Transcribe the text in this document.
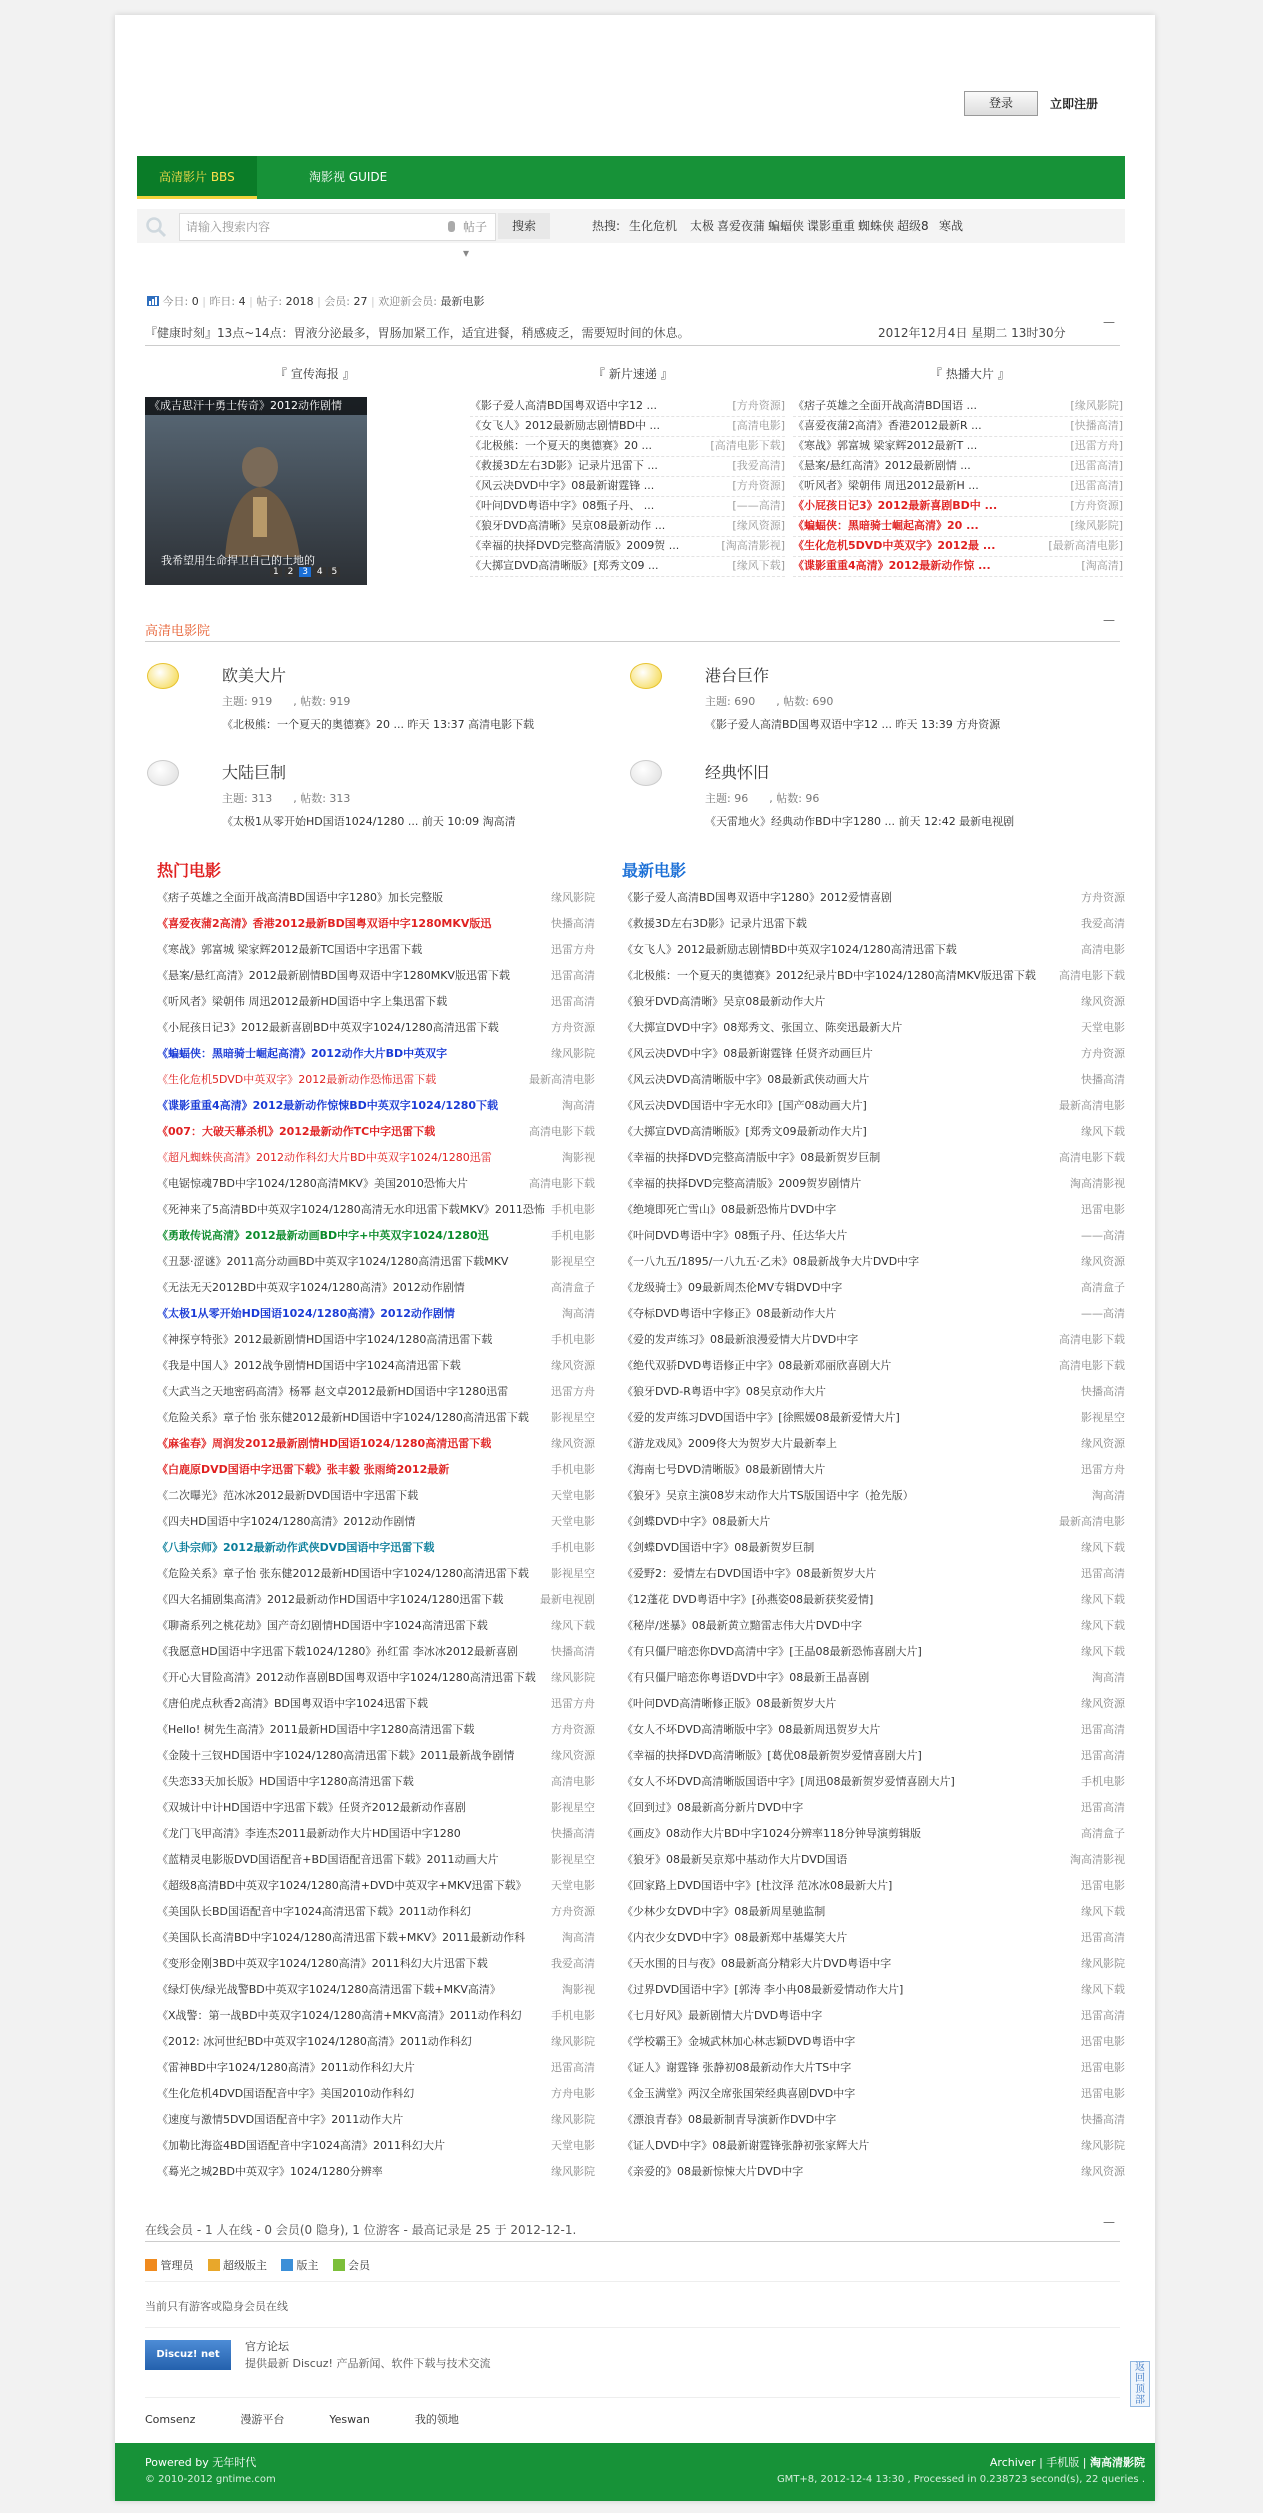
登录	立即注册
高清影片 BBS	淘影视 GUIDE
请输入搜索内容	帖子 ▾
搜索	热搜: 生化危机 太极 喜爱夜蒲 蝙蝠侠 谍影重重 蜘蛛侠 超级8 寒战
今日: 0 | 昨日: 4 | 帖子: 2018 | 会员: 27 | 欢迎新会员: 最新电影
『健康时刻』13点~14点：胃液分泌最多，胃肠加紧工作，适宜进餐，稍感疲乏，需要短时间的休息。	2012年12月4日 星期二 13时30分
—
『 宣传海报 』	『 新片速递 』	『 热播大片 』
《成吉思汗十勇士传奇》2012动作剧情
我希望用生命捍卫自己的土地的
1 2 3 4 5
《影子爱人高清BD国粤双语中字12 ...	[方舟资源]
《女飞人》2012最新励志剧情BD中 ...	[高清电影]
《北极熊：一个夏天的奥德赛》20 ...	[高清电影下载]
《救援3D左右3D影》记录片迅雷下 ...	[我爱高清]
《风云决DVD中字》08最新谢霆锋 ...	[方舟资源]
《叶问DVD粤语中字》08甄子丹、 ...	[——高清]
《狼牙DVD高清晰》吴京08最新动作 ...	[缘风资源]
《幸福的抉择DVD完整高清版》2009贺 ...	[淘高清影视]
《大掷宣DVD高清晰版》[郑秀文09 ...	[缘风下载]
《痞子英雄之全面开战高清BD国语 ...	[缘风影院]
《喜爱夜蒲2高清》香港2012最新R ...	[快播高清]
《寒战》郭富城 梁家辉2012最新T ...	[迅雷方舟]
《悬案/悬红高清》2012最新剧情 ...	[迅雷高清]
《听风者》梁朝伟 周迅2012最新H ...	[迅雷高清]
《小屁孩日记3》2012最新喜剧BD中 ...	[方舟资源]
《蝙蝠侠：黑暗骑士崛起高清》20 ...	[缘风影院]
《生化危机5DVD中英双字》2012最 ...	[最新高清电影]
《谍影重重4高清》2012最新动作惊 ...	[淘高清]
高清电影院
—
欧美大片
主题: 919      , 帖数: 919
《北极熊：一个夏天的奥德赛》20 ... 昨天 13:37 高清电影下载
港台巨作
主题: 690      , 帖数: 690
《影子爱人高清BD国粤双语中字12 ... 昨天 13:39 方舟资源
大陆巨制
主题: 313      , 帖数: 313
《太极1从零开始HD国语1024/1280 ... 前天 10:09 淘高清
经典怀旧
主题: 96      , 帖数: 96
《天雷地火》经典动作BD中字1280 ... 前天 12:42 最新电视剧
热门电影	最新电影
《痞子英雄之全面开战高清BD国语中字1280》加长完整版	缘风影院
《喜爱夜蒲2高清》香港2012最新BD国粤双语中字1280MKV版迅	快播高清
《寒战》郭富城 梁家辉2012最新TC国语中字迅雷下载	迅雷方舟
《悬案/悬红高清》2012最新剧情BD国粤双语中字1280MKV版迅雷下载	迅雷高清
《听风者》梁朝伟 周迅2012最新HD国语中字上集迅雷下载	迅雷高清
《小屁孩日记3》2012最新喜剧BD中英双字1024/1280高清迅雷下载	方舟资源
《蝙蝠侠：黑暗骑士崛起高清》2012动作大片BD中英双字	缘风影院
《生化危机5DVD中英双字》2012最新动作恐怖迅雷下载	最新高清电影
《谍影重重4高清》2012最新动作惊悚BD中英双字1024/1280下载	淘高清
《007：大破天幕杀机》2012最新动作TC中字迅雷下载	高清电影下载
《超凡蜘蛛侠高清》2012动作科幻大片BD中英双字1024/1280迅雷	淘影视
《电锯惊魂7BD中字1024/1280高清MKV》美国2010恐怖大片	高清电影下载
《死神来了5高清BD中英双字1024/1280高清无水印迅雷下载MKV》2011恐怖 手机电影
《勇敢传说高清》2012最新动画BD中字+中英双字1024/1280迅	手机电影
《丑瑟·涩谜》2011高分动画BD中英双字1024/1280高清迅雷下载MKV	影视星空
《无法无天2012BD中英双字1024/1280高清》2012动作剧情	高清盒子
《太极1从零开始HD国语1024/1280高清》2012动作剧情	淘高清
《神探亨特张》2012最新剧情HD国语中字1024/1280高清迅雷下载	手机电影
《我是中国人》2012战争剧情HD国语中字1024高清迅雷下载	缘风资源
《大武当之天地密码高清》杨幂 赵文卓2012最新HD国语中字1280迅雷	迅雷方舟
《危险关系》章子怡 张东健2012最新HD国语中字1024/1280高清迅雷下载 影视星空
《麻雀春》周润发2012最新剧情HD国语1024/1280高清迅雷下载	缘风资源
《白鹿原DVD国语中字迅雷下载》张丰毅 张雨绮2012最新	手机电影
《二次曝光》范冰冰2012最新DVD国语中字迅雷下载	天堂电影
《四夫HD国语中字1024/1280高清》2012动作剧情	天堂电影
《八卦宗师》2012最新动作武侠DVD国语中字迅雷下载	手机电影
《危险关系》章子怡 张东健2012最新HD国语中字1024/1280高清迅雷下载 影视星空
《四大名捕剧集高清》2012最新动作HD国语中字1024/1280迅雷下载	最新电视剧
《聊斋系列之桃花劫》国产奇幻剧情HD国语中字1024高清迅雷下载	缘风下载
《我愿意HD国语中字迅雷下载1024/1280》孙红雷 李冰冰2012最新喜剧	快播高清
《开心大冒险高清》2012动作喜剧BD国粤双语中字1024/1280高清迅雷下载 缘风影院
《唐伯虎点秋香2高清》BD国粤双语中字1024迅雷下载	迅雷方舟
《Hello! 树先生高清》2011最新HD国语中字1280高清迅雷下载	方舟资源
《金陵十三钗HD国语中字1024/1280高清迅雷下载》2011最新战争剧情	缘风资源
《失恋33天加长版》HD国语中字1280高清迅雷下载	高清电影
《双城计中计HD国语中字迅雷下载》任贤齐2012最新动作喜剧	影视星空
《龙门飞甲高清》李连杰2011最新动作大片HD国语中字1280	快播高清
《蓝精灵电影版DVD国语配音+BD国语配音迅雷下载》2011动画大片	影视星空
《超级8高清BD中英双字1024/1280高清+DVD中英双字+MKV迅雷下载》 天堂电影
《美国队长BD国语配音中字1024高清迅雷下载》2011动作科幻	方舟资源
《美国队长高清BD中字1024/1280高清迅雷下载+MKV》2011最新动作科	淘高清
《变形金刚3BD中英双字1024/1280高清》2011科幻大片迅雷下载	我爱高清
《绿灯侠/绿光战警BD中英双字1024/1280高清迅雷下载+MKV高清》	淘影视
《X战警：第一战BD中英双字1024/1280高清+MKV高清》2011动作科幻	手机电影
《2012: 冰河世纪BD中英双字1024/1280高清》2011动作科幻	缘风影院
《雷神BD中字1024/1280高清》2011动作科幻大片	迅雷高清
《生化危机4DVD国语配音中字》美国2010动作科幻	方舟电影
《速度与激情5DVD国语配音中字》2011动作大片	缘风影院
《加勒比海盗4BD国语配音中字1024高清》2011科幻大片	天堂电影
《蓦光之城2BD中英双字》1024/1280分辨率	缘风影院
《影子爱人高清BD国粤双语中字1280》2012爱情喜剧	方舟资源
《救援3D左右3D影》记录片迅雷下载	我爱高清
《女飞人》2012最新励志剧情BD中英双字1024/1280高清迅雷下载	高清电影
《北极熊：一个夏天的奥德赛》2012纪录片BD中字1024/1280高清MKV版迅雷下载 高清电影下载
《狼牙DVD高清晰》吴京08最新动作大片	缘风资源
《大掷宣DVD中字》08郑秀文、张国立、陈奕迅最新大片	天堂电影
《风云决DVD中字》08最新谢霆锋 任贤齐动画巨片	方舟资源
《风云决DVD高清晰版中字》08最新武侠动画大片	快播高清
《风云决DVD国语中字无水印》[国产08动画大片]	最新高清电影
《大掷宣DVD高清晰版》[郑秀文09最新动作大片]	缘风下载
《幸福的抉择DVD完整高清版中字》08最新贺岁巨制	高清电影下载
《幸福的抉择DVD完整高清版》2009贺岁剧情片	淘高清影视
《绝境即死亡雪山》08最新恐怖片DVD中字	迅雷电影
《叶问DVD粤语中字》08甄子丹、任达华大片	——高清
《一八九五/1895/一八九五·乙未》08最新战争大片DVD中字	缘风资源
《龙级骑士》09最新周杰伦MV专辑DVD中字	高清盒子
《夺标DVD粤语中字修正》08最新动作大片	——高清
《爱的发声练习》08最新浪漫爱情大片DVD中字	高清电影下载
《绝代双骄DVD粤语修正中字》08最新邓丽欣喜剧大片	高清电影下载
《狼牙DVD-R粤语中字》08吴京动作大片	快播高清
《爱的发声练习DVD国语中字》[徐熙媛08最新爱情大片]	影视星空
《游龙戏凤》2009佟大为贺岁大片最新奉上	缘风资源
《海南七号DVD清晰版》08最新剧情大片	迅雷方舟
《狼牙》吴京主演08岁末动作大片TS版国语中字（抢先版）	淘高清
《剑蝶DVD中字》08最新大片	最新高清电影
《剑蝶DVD国语中字》08最新贺岁巨制	缘风下载
《爱野2：爱情左右DVD国语中字》08最新贺岁大片	迅雷高清
《12蓬花 DVD粤语中字》[孙燕姿08最新获奖爱情]	缘风下载
《秘岸/迷暴》08最新黄立黯雷志伟大片DVD中字	缘风下载
《有只僵尸暗恋你DVD高清中字》[王晶08最新恐怖喜剧大片]	缘风下载
《有只僵尸暗恋你粤语DVD中字》08最新王晶喜剧	淘高清
《叶问DVD高清晰修正版》08最新贺岁大片	缘风资源
《女人不坏DVD高清晰版中字》08最新周迅贺岁大片	迅雷高清
《幸福的抉择DVD高清晰版》[葛优08最新贺岁爱情喜剧大片]	迅雷高清
《女人不坏DVD高清晰版国语中字》[周迅08最新贺岁爱情喜剧大片]	手机电影
《回到过》08最新高分新片DVD中字	迅雷高清
《画皮》08动作大片BD中字1024分辨率118分钟导演剪辑版	高清盒子
《狼牙》08最新吴京郑中基动作大片DVD国语	淘高清影视
《回家路上DVD国语中字》[杜汶泽 范冰冰08最新大片]	迅雷电影
《少林少女DVD中字》08最新周星驰监制	缘风下载
《内衣少女DVD中字》08最新郑中基爆笑大片	迅雷高清
《天水围的日与夜》08最新高分精彩大片DVD粤语中字	缘风影院
《过界DVD国语中字》[郭涛 李小冉08最新爱情动作大片]	缘风下载
《七月好风》最新剧情大片DVD粤语中字	迅雷高清
《学校霸王》金城武林加心林志颖DVD粤语中字	迅雷电影
《证人》谢霆锋 张静初08最新动作大片TS中字	迅雷电影
《金玉满堂》两汉全席张国荣经典喜剧DVD中字	迅雷电影
《漂浪青春》08最新制青导演新作DVD中字	快播高清
《证人DVD中字》08最新谢霆锋张静初张家辉大片	缘风影院
《亲爱的》08最新惊悚大片DVD中字	缘风资源
在线会员 - 1 人在线 - 0 会员(0 隐身), 1 位游客 - 最高记录是 25 于 2012-12-1.
—
管理员	超级版主	版主	会员
当前只有游客或隐身会员在线
Discuz! net
官方论坛
提供最新 Discuz! 产品新闻、软件下载与技术交流	返回顶部
Comsenz	漫游平台	Yeswan	我的领地
Powered by 无年时代
© 2010-2012 gntime.com
Archiver | 手机版 | 淘高清影院
GMT+8, 2012-12-4 13:30 , Processed in 0.238723 second(s), 22 queries .
